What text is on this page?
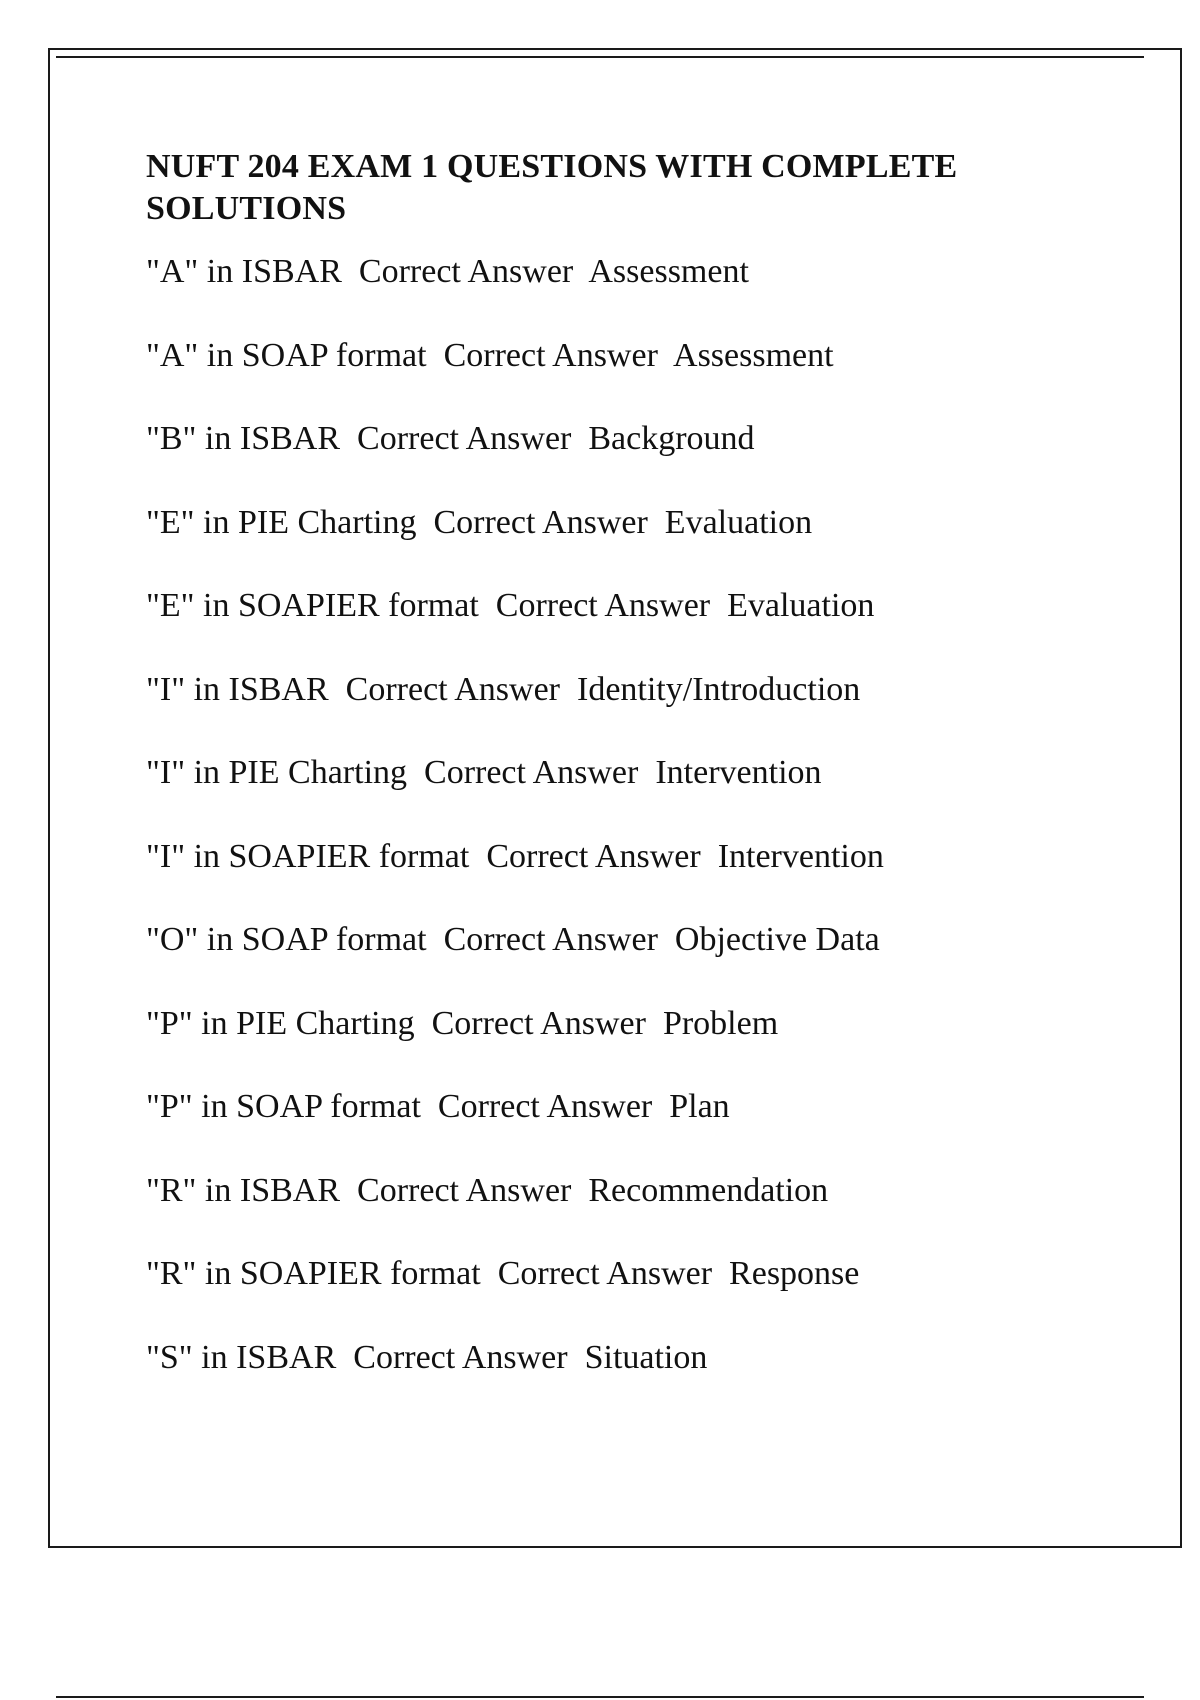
NUFT 204 EXAM 1 QUESTIONS WITH COMPLETE SOLUTIONS
"A" in ISBAR Correct Answer Assessment
"A" in SOAP format Correct Answer Assessment
"B" in ISBAR Correct Answer Background
"E" in PIE Charting Correct Answer Evaluation
"E" in SOAPIER format Correct Answer Evaluation
"I" in ISBAR Correct Answer Identity/Introduction
"I" in PIE Charting Correct Answer Intervention
"I" in SOAPIER format Correct Answer Intervention
"O" in SOAP format Correct Answer Objective Data
"P" in PIE Charting Correct Answer Problem
"P" in SOAP format Correct Answer Plan
"R" in ISBAR Correct Answer Recommendation
"R" in SOAPIER format Correct Answer Response
"S" in ISBAR Correct Answer Situation
